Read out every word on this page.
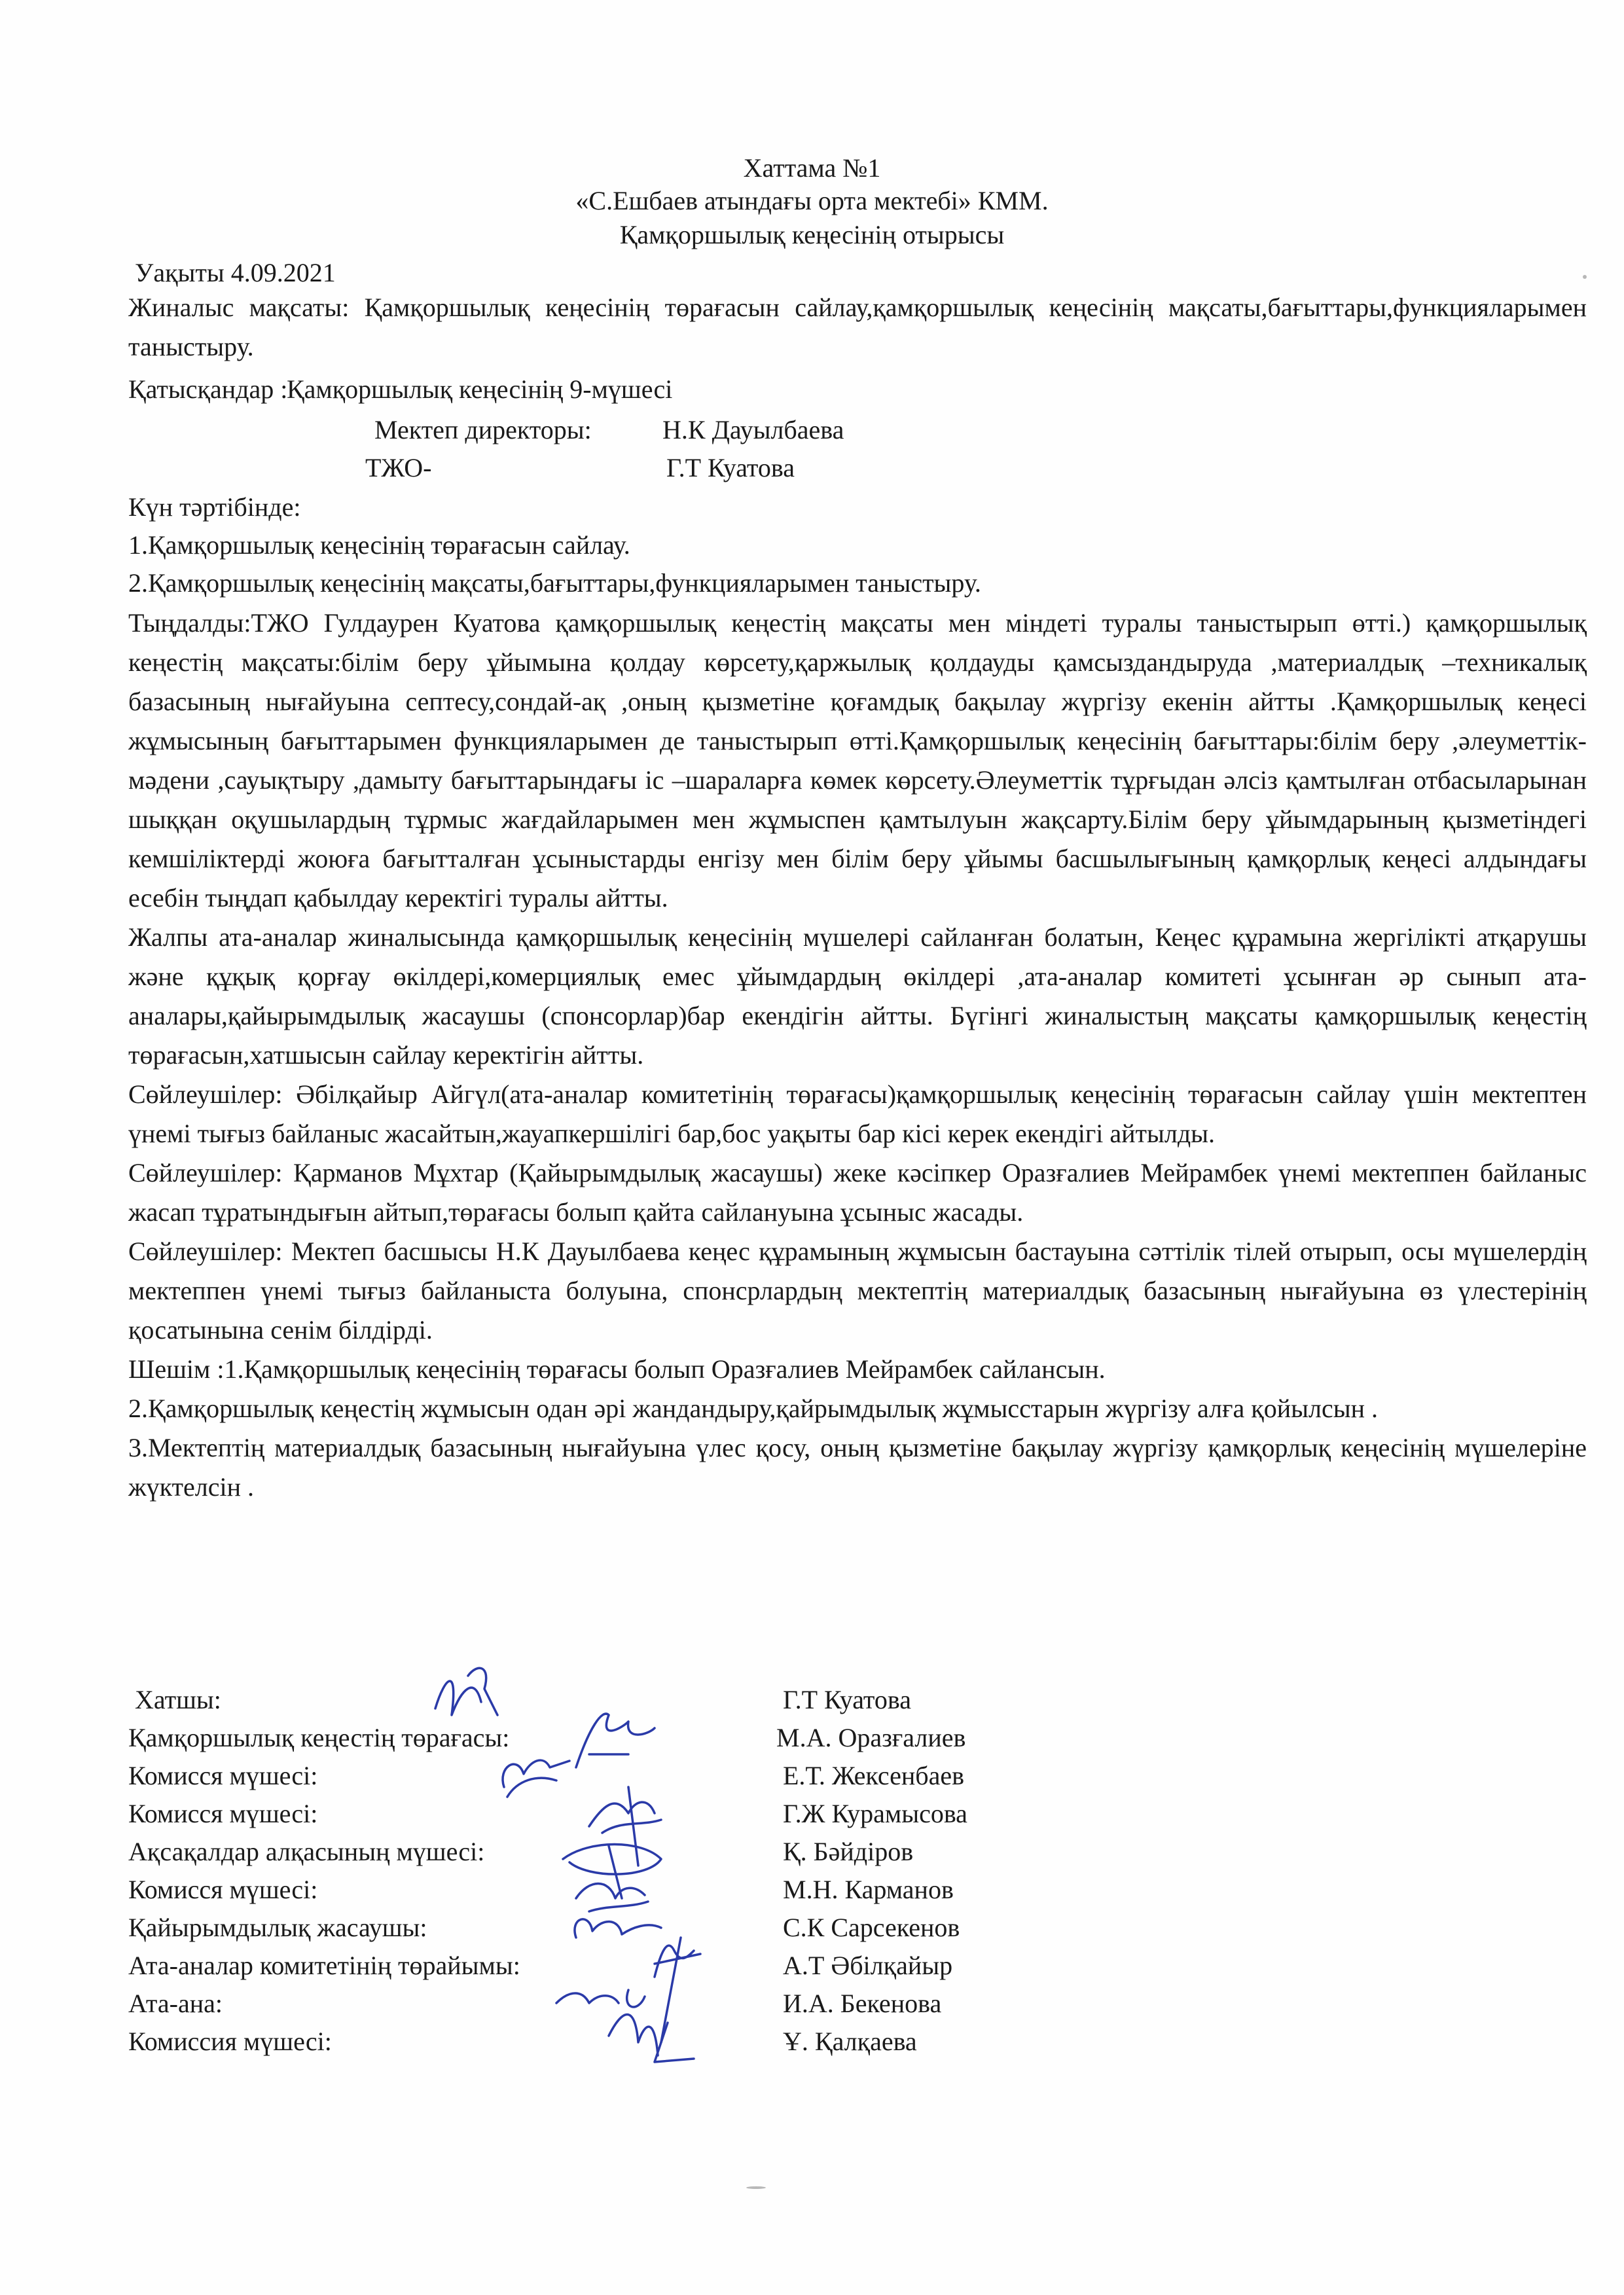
Хаттама №1
«С.Ешбаев атындағы орта мектебі» КММ.
Қамқоршылық кеңесінің отырысы
Уақыты 4.09.2021

Жиналыс мақсаты: Қамқоршылық кеңесінің төрағасын сайлау,қамқоршылық кеңесінің мақсаты,бағыттары,функцияларымен таныстыру.

Қатысқандар :
Қамқоршылық кеңесінің 9-мүшесі
Мектеп директоры:	Н.К Дауылбаева
ТЖО-	Г.Т Куатова
Күн тәртібінде:
1.Қамқоршылық кеңесінің төрағасын сайлау.
2.Қамқоршылық кеңесінің мақсаты,бағыттары,функцияларымен таныстыру.

Тыңдалды:ТЖО Гулдаурен Куатова қамқоршылық кеңестің мақсаты мен міндеті туралы таныстырып өтті.) қамқоршылық кеңестің мақсаты:білім беру ұйымына қолдау көрсету,қаржылық қолдауды қамсыздандыруда ,материалдық –техникалық базасының нығайуына септесу,сондай-ақ ,оның қызметіне қоғамдық бақылау жүргізу екенін айтты .Қамқоршылық кеңесі жұмысының бағыттарымен функцияларымен де таныстырып өтті.Қамқоршылық кеңесінің бағыттары:білім беру ,әлеуметтік-мәдени ,сауықтыру ,дамыту бағыттарындағы іс –шараларға көмек көрсету.Әлеуметтік тұрғыдан әлсіз қамтылған отбасыларынан шыққан оқушылардың тұрмыс жағдайларымен мен жұмыспен қамтылуын жақсарту.Білім беру ұйымдарының қызметіндегі кемшіліктерді жоюға бағытталған ұсыныстарды енгізу мен білім беру ұйымы басшылығының қамқорлық кеңесі алдындағы есебін тыңдап қабылдау керектігі туралы айтты.

Жалпы ата-аналар жиналысында қамқоршылық кеңесінің мүшелері сайланған болатын, Кеңес құрамына жергілікті атқарушы және құқық қорғау өкілдері,комерциялық емес ұйымдардың өкілдері ,ата-аналар комитеті ұсынған әр сынып ата-аналары,қайырымдылық жасаушы (спонсорлар)бар екендігін айтты. Бүгінгі жиналыстың мақсаты қамқоршылық кеңестің төрағасын,хатшысын сайлау керектігін айтты.

Сөйлеушілер: Әбілқайыр Айгүл(ата-аналар комитетінің төрағасы)қамқоршылық кеңесінің төрағасын сайлау үшін мектептен үнемі тығыз байланыс жасайтын,жауапкершілігі бар,бос уақыты бар кісі керек екендігі айтылды.

Сөйлеушілер: Қарманов Мұхтар (Қайырымдылық жасаушы) жеке кәсіпкер Оразғалиев Мейрамбек үнемі мектеппен байланыс жасап тұратындығын айтып,төрағасы болып қайта сайлануына ұсыныс жасады.

Сөйлеушілер: Мектеп басшысы Н.К Дауылбаева кеңес құрамының жұмысын бастауына сәттілік тілей отырып, осы мүшелердің мектеппен үнемі тығыз байланыста болуына, спонсрлардың мектептің материалдық базасының нығайуына өз үлестерінің қосатынына сенім білдірді.

Шешім :1.Қамқоршылық кеңесінің төрағасы болып Оразғалиев Мейрамбек сайлансын.

2.Қамқоршылық кеңестің жұмысын одан әрі жандандыру,қайрымдылық жұмысстарын жүргізу алға қойылсын .

3.Мектептің материалдық базасының нығайуына үлес қосу, оның қызметіне бақылау жүргізу қамқорлық кеңесінің мүшелеріне жүктелсін .

Хатшы:	Г.Т Куатова
Қамқоршылық кеңестің төрағасы:	М.А. Оразғалиев
Комисся мүшесі:	Е.Т. Жексенбаев
Комисся мүшесі:	Г.Ж Курамысова
Ақсақалдар алқасының мүшесі:	Қ. Бәйдіров
Комисся мүшесі:	М.Н. Карманов
Қайырымдылық жасаушы:	С.К Сарсекенов
Ата-аналар комитетінің төрайымы:	А.Т Әбілқайыр
Ата-ана:	И.А. Бекенова
Комиссия мүшесі:	Ұ. Қалқаева
